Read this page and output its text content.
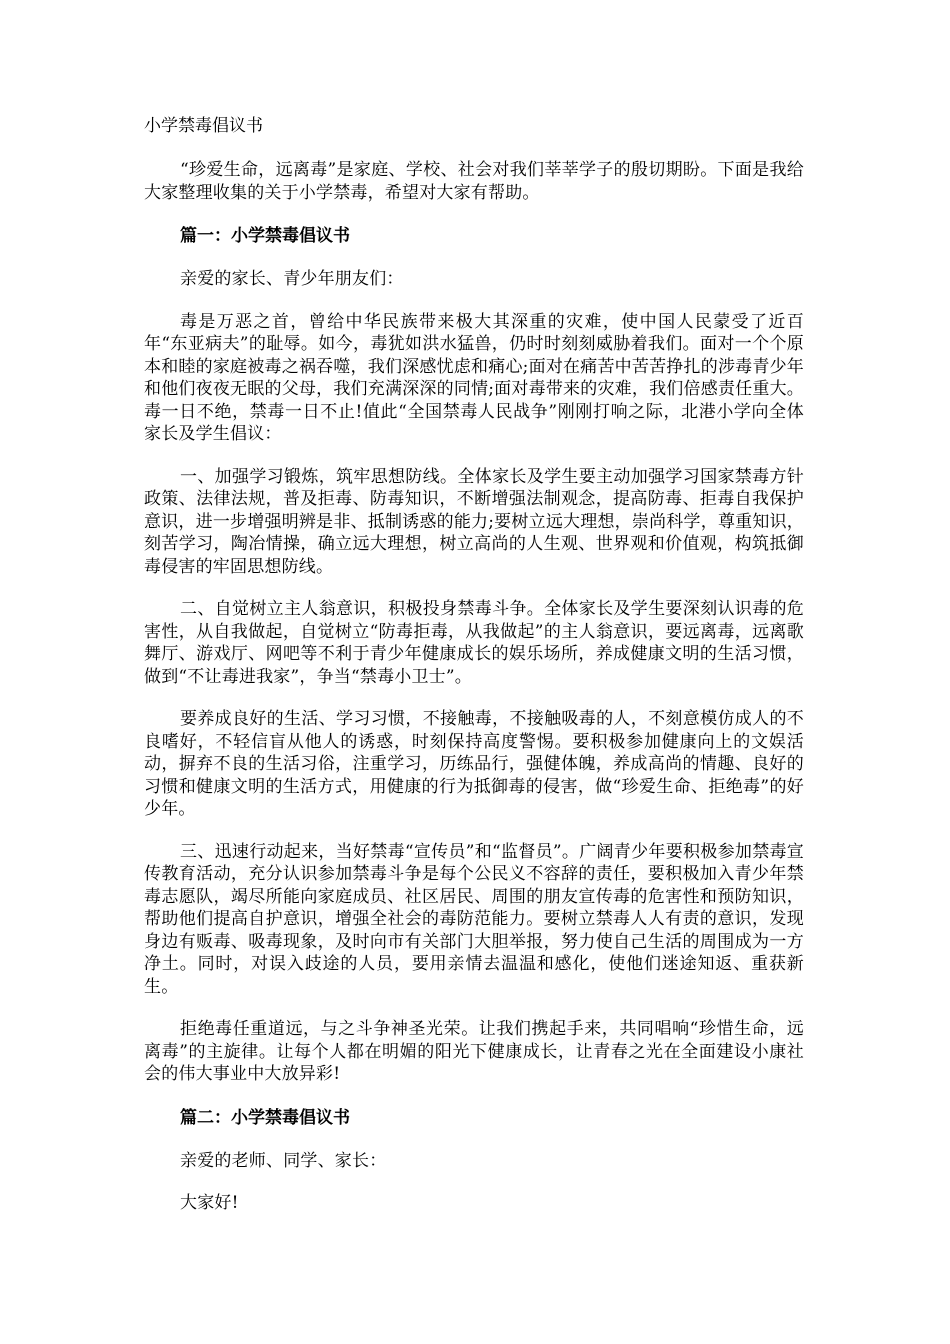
小学禁毒倡议书

“珍爱生命，远离毒”是家庭、学校、社会对我们莘莘学子的殷切期盼。下面是我给大家整理收集的关于小学禁毒，希望对大家有帮助。

篇一：小学禁毒倡议书

亲爱的家长、青少年朋友们：

毒是万恶之首，曾给中华民族带来极大其深重的灾难，使中国人民蒙受了近百年“东亚病夫”的耻辱。如今，毒犹如洪水猛兽，仍时时刻刻威胁着我们。面对一个个原本和睦的家庭被毒之祸吞噬，我们深感忧虑和痛心;面对在痛苦中苦苦挣扎的涉毒青少年和他们夜夜无眠的父母，我们充满深深的同情;面对毒带来的灾难，我们倍感责任重大。毒一日不绝，禁毒一日不止!值此“全国禁毒人民战争”刚刚打响之际，北港小学向全体家长及学生倡议：

一、加强学习锻炼，筑牢思想防线。全体家长及学生要主动加强学习国家禁毒方针政策、法律法规，普及拒毒、防毒知识，不断增强法制观念，提高防毒、拒毒自我保护意识，进一步增强明辨是非、抵制诱惑的能力;要树立远大理想，崇尚科学，尊重知识，刻苦学习，陶冶情操，确立远大理想，树立高尚的人生观、世界观和价值观，构筑抵御毒侵害的牢固思想防线。

二、自觉树立主人翁意识，积极投身禁毒斗争。全体家长及学生要深刻认识毒的危害性，从自我做起，自觉树立“防毒拒毒，从我做起”的主人翁意识，要远离毒，远离歌舞厅、游戏厅、网吧等不利于青少年健康成长的娱乐场所，养成健康文明的生活习惯，做到“不让毒进我家”，争当“禁毒小卫士”。

要养成良好的生活、学习习惯，不接触毒，不接触吸毒的人，不刻意模仿成人的不良嗜好，不轻信盲从他人的诱惑，时刻保持高度警惕。要积极参加健康向上的文娱活动，摒弃不良的生活习俗，注重学习，历练品行，强健体魄，养成高尚的情趣、良好的习惯和健康文明的生活方式，用健康的行为抵御毒的侵害，做“珍爱生命、拒绝毒”的好少年。

三、迅速行动起来，当好禁毒“宣传员”和“监督员”。广阔青少年要积极参加禁毒宣传教育活动，充分认识参加禁毒斗争是每个公民义不容辞的责任，要积极加入青少年禁毒志愿队，竭尽所能向家庭成员、社区居民、周围的朋友宣传毒的危害性和预防知识，帮助他们提高自护意识，增强全社会的毒防范能力。要树立禁毒人人有责的意识，发现身边有贩毒、吸毒现象，及时向市有关部门大胆举报，努力使自己生活的周围成为一方净土。同时，对误入歧途的人员，要用亲情去温温和感化，使他们迷途知返、重获新生。

拒绝毒任重道远，与之斗争神圣光荣。让我们携起手来，共同唱响“珍惜生命，远离毒”的主旋律。让每个人都在明媚的阳光下健康成长，让青春之光在全面建设小康社会的伟大事业中大放异彩!

篇二：小学禁毒倡议书

亲爱的老师、同学、家长：

大家好!
